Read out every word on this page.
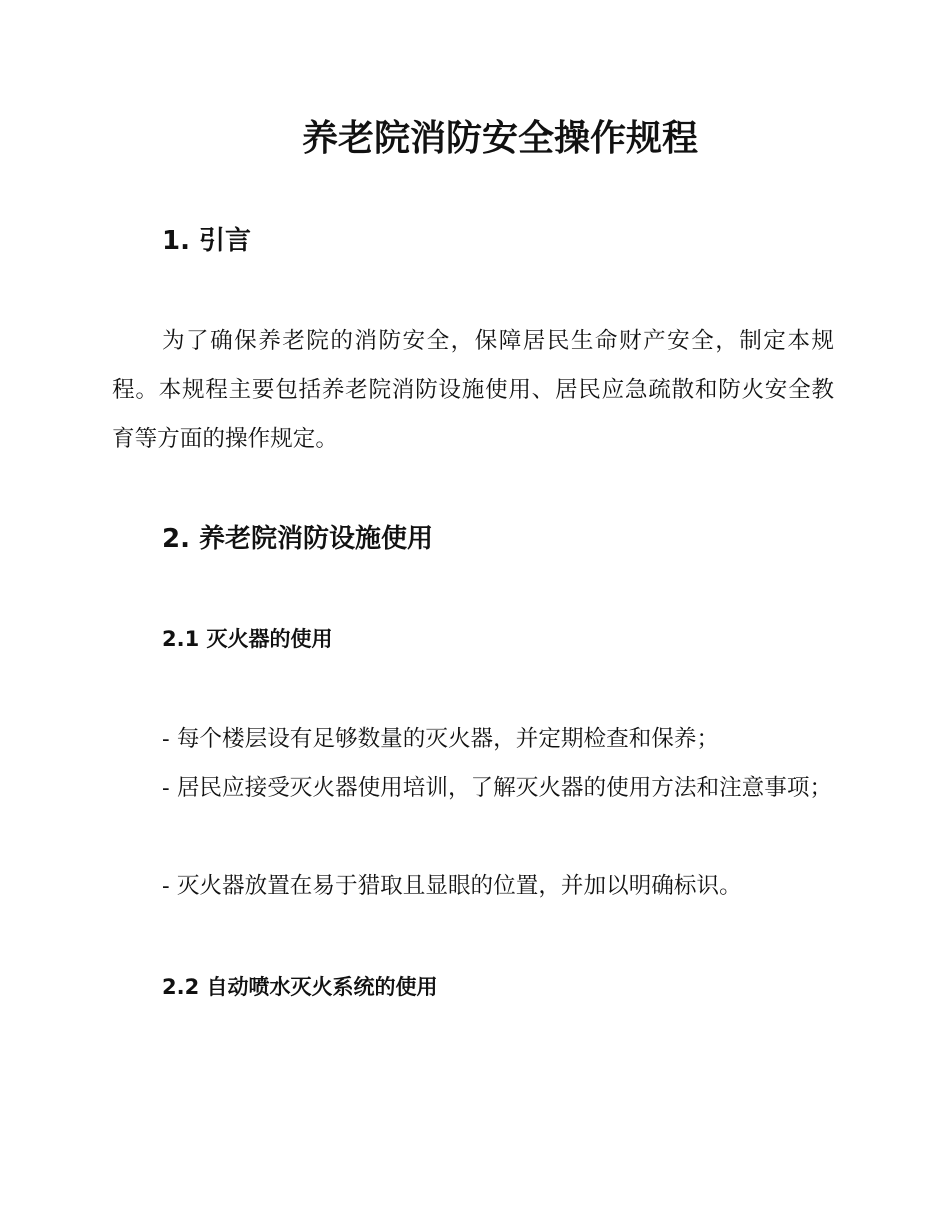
养老院消防安全操作规程
1. 引言

为了确保养老院的消防安全，保障居民生命财产安全，制定本规程。本规程主要包括养老院消防设施使用、居民应急疏散和防火安全教育等方面的操作规定。

2. 养老院消防设施使用
2.1 灭火器的使用

- 每个楼层设有足够数量的灭火器，并定期检查和保养；

- 居民应接受灭火器使用培训，了解灭火器的使用方法和注意事项；

- 灭火器放置在易于猎取且显眼的位置，并加以明确标识。

2.2 自动喷水灭火系统的使用
